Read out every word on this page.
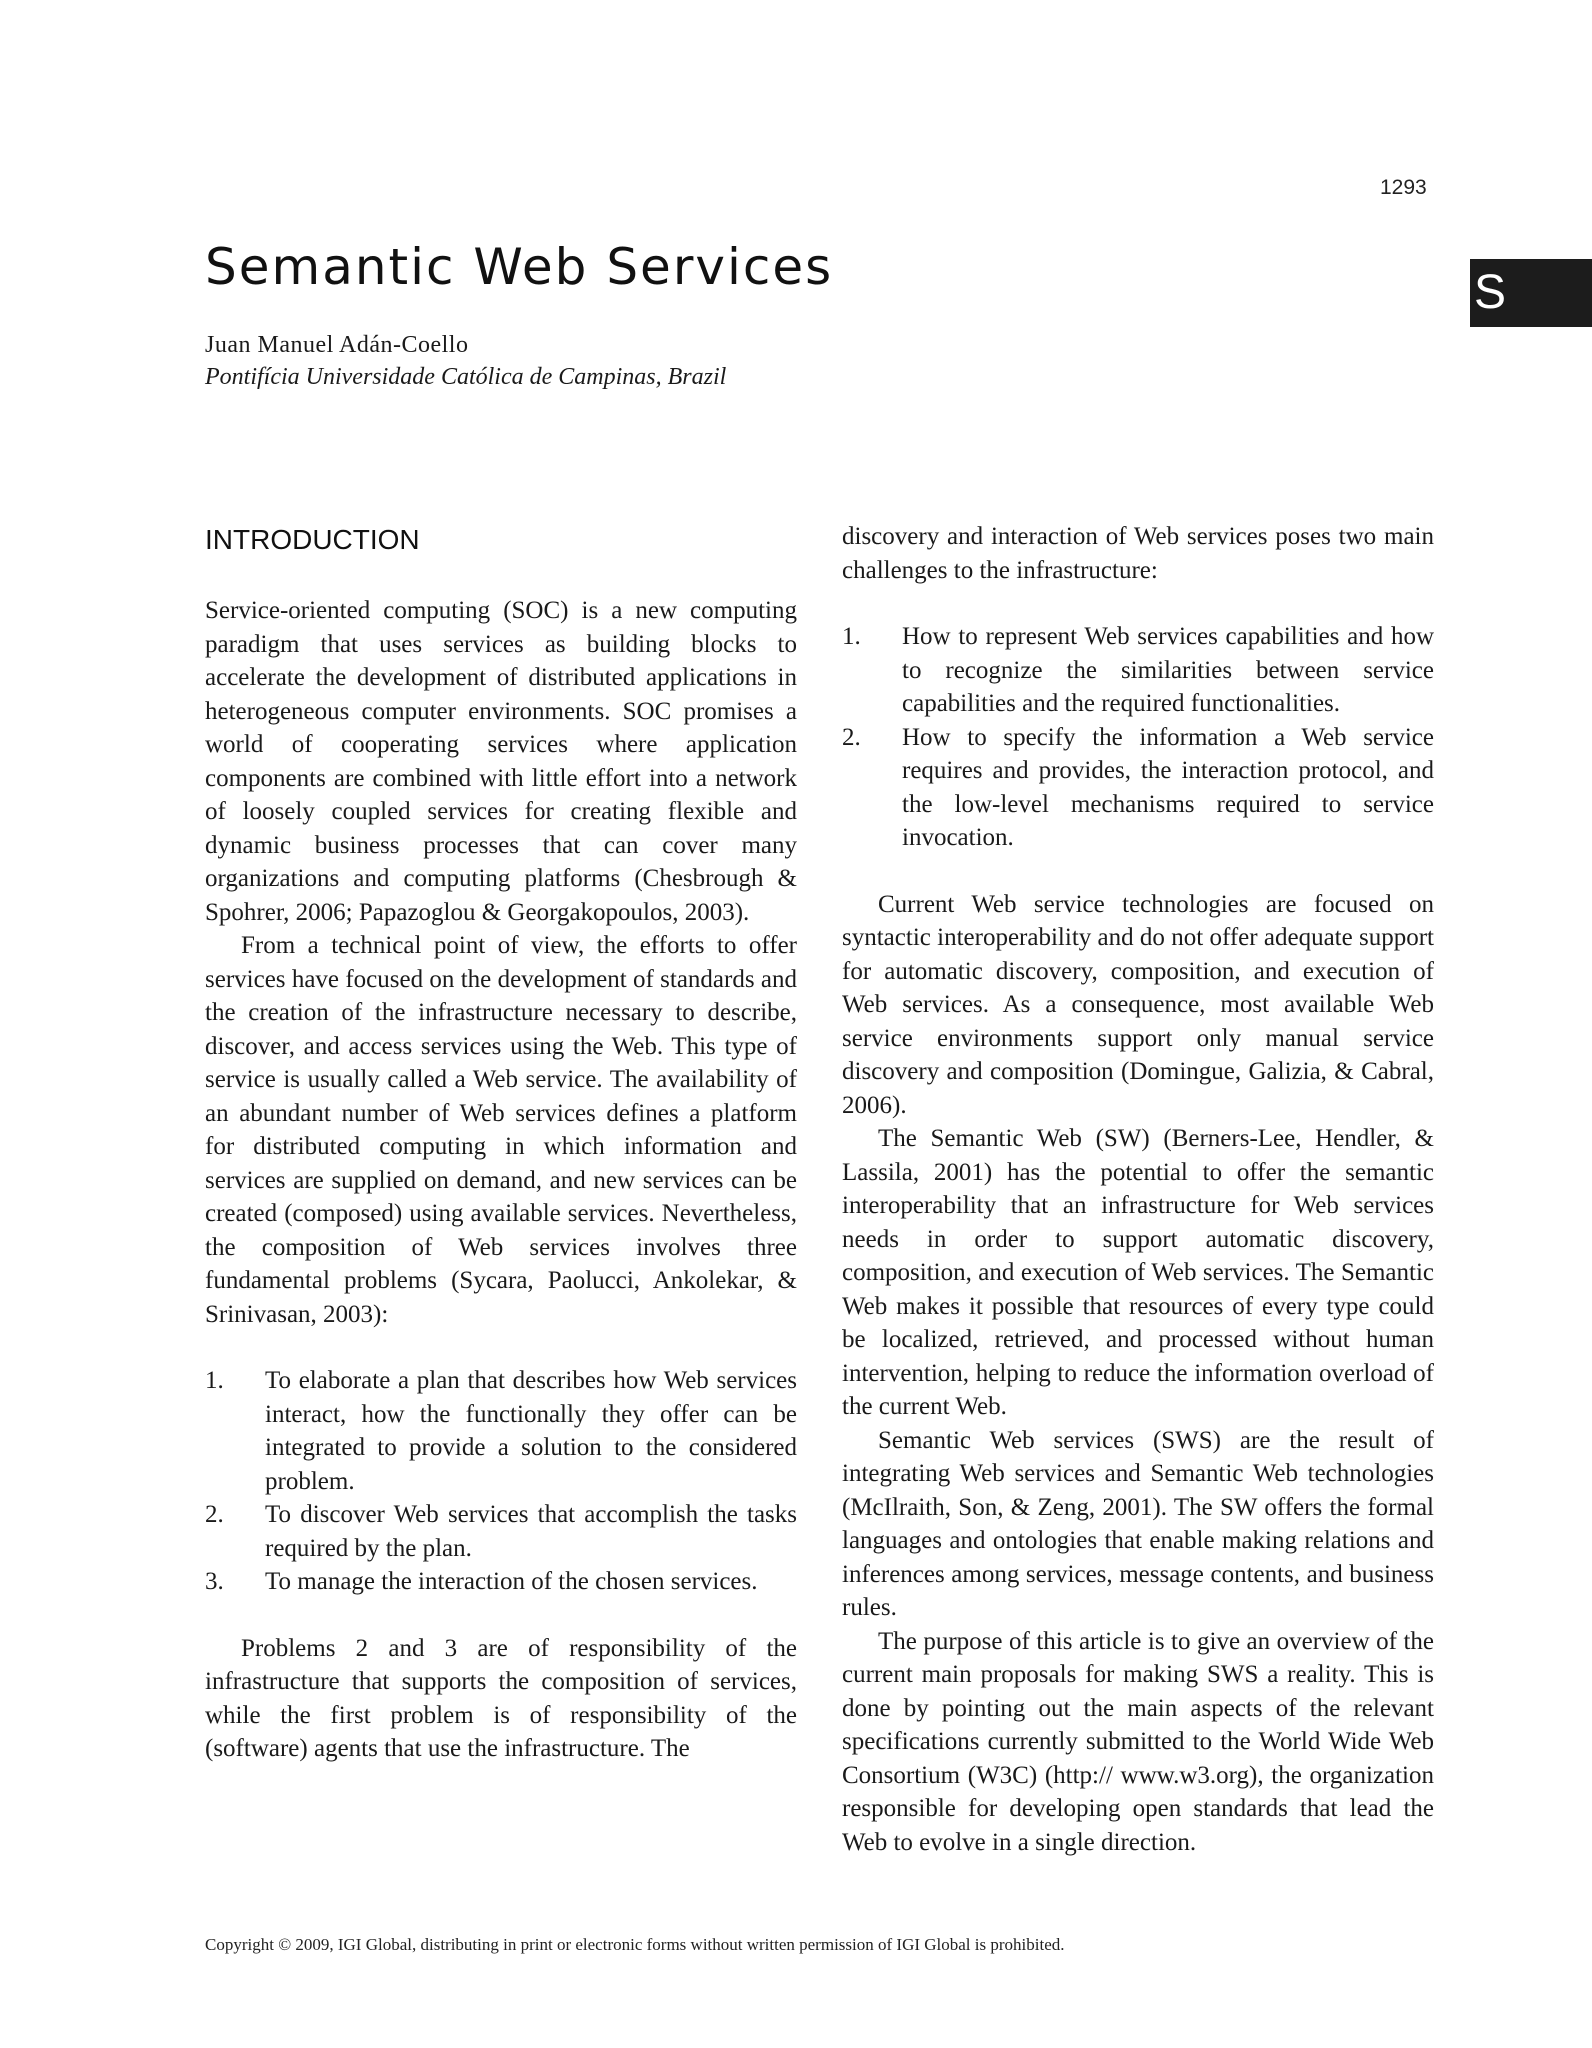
1293
S
Semantic Web Services
Juan Manuel Adán-Coello
Pontifícia Universidade Católica de Campinas, Brazil
INTRODUCTION

Service-oriented computing (SOC) is a new computing paradigm that uses services as building blocks to accelerate the development of distributed applications in heterogeneous computer environments. SOC promises a world of cooperating services where application components are combined with little effort into a network of loosely coupled services for creating flexible and dynamic business processes that can cover many organizations and computing platforms (Chesbrough & Spohrer, 2006; Papazoglou & Georgakopoulos, 2003).

From a technical point of view, the efforts to offer services have focused on the development of standards and the creation of the infrastructure necessary to describe, discover, and access services using the Web. This type of service is usually called a Web service. The availability of an abundant number of Web services defines a platform for distributed computing in which information and services are supplied on demand, and new services can be created (composed) using available services. Nevertheless, the composition of Web services involves three fundamental problems (Sycara, Paolucci, Ankolekar, & Srinivasan, 2003):

1. To elaborate a plan that describes how Web services interact, how the functionally they offer can be integrated to provide a solution to the considered problem.
2. To discover Web services that accomplish the tasks required by the plan.
3. To manage the interaction of the chosen services.

Problems 2 and 3 are of responsibility of the infrastructure that supports the composition of services, while the first problem is of responsibility of the (software) agents that use the infrastructure. The

discovery and interaction of Web services poses two main challenges to the infrastructure:

1. How to represent Web services capabilities and how to recognize the similarities between service capabilities and the required functionalities.
2. How to specify the information a Web service requires and provides, the interaction protocol, and the low-level mechanisms required to service invocation.

Current Web service technologies are focused on syntactic interoperability and do not offer adequate support for automatic discovery, composition, and execution of Web services. As a consequence, most available Web service environments support only manual service discovery and composition (Domingue, Galizia, & Cabral, 2006).

The Semantic Web (SW) (Berners-Lee, Hendler, & Lassila, 2001) has the potential to offer the semantic interoperability that an infrastructure for Web services needs in order to support automatic discovery, composition, and execution of Web services. The Semantic Web makes it possible that resources of every type could be localized, retrieved, and processed without human intervention, helping to reduce the information overload of the current Web.

Semantic Web services (SWS) are the result of integrating Web services and Semantic Web technologies (McIlraith, Son, & Zeng, 2001). The SW offers the formal languages and ontologies that enable making relations and inferences among services, message contents, and business rules.

The purpose of this article is to give an overview of the current main proposals for making SWS a reality. This is done by pointing out the main aspects of the relevant specifications currently submitted to the World Wide Web Consortium (W3C) (http:// www.w3.org), the organization responsible for developing open standards that lead the Web to evolve in a single direction.

Copyright © 2009, IGI Global, distributing in print or electronic forms without written permission of IGI Global is prohibited.
